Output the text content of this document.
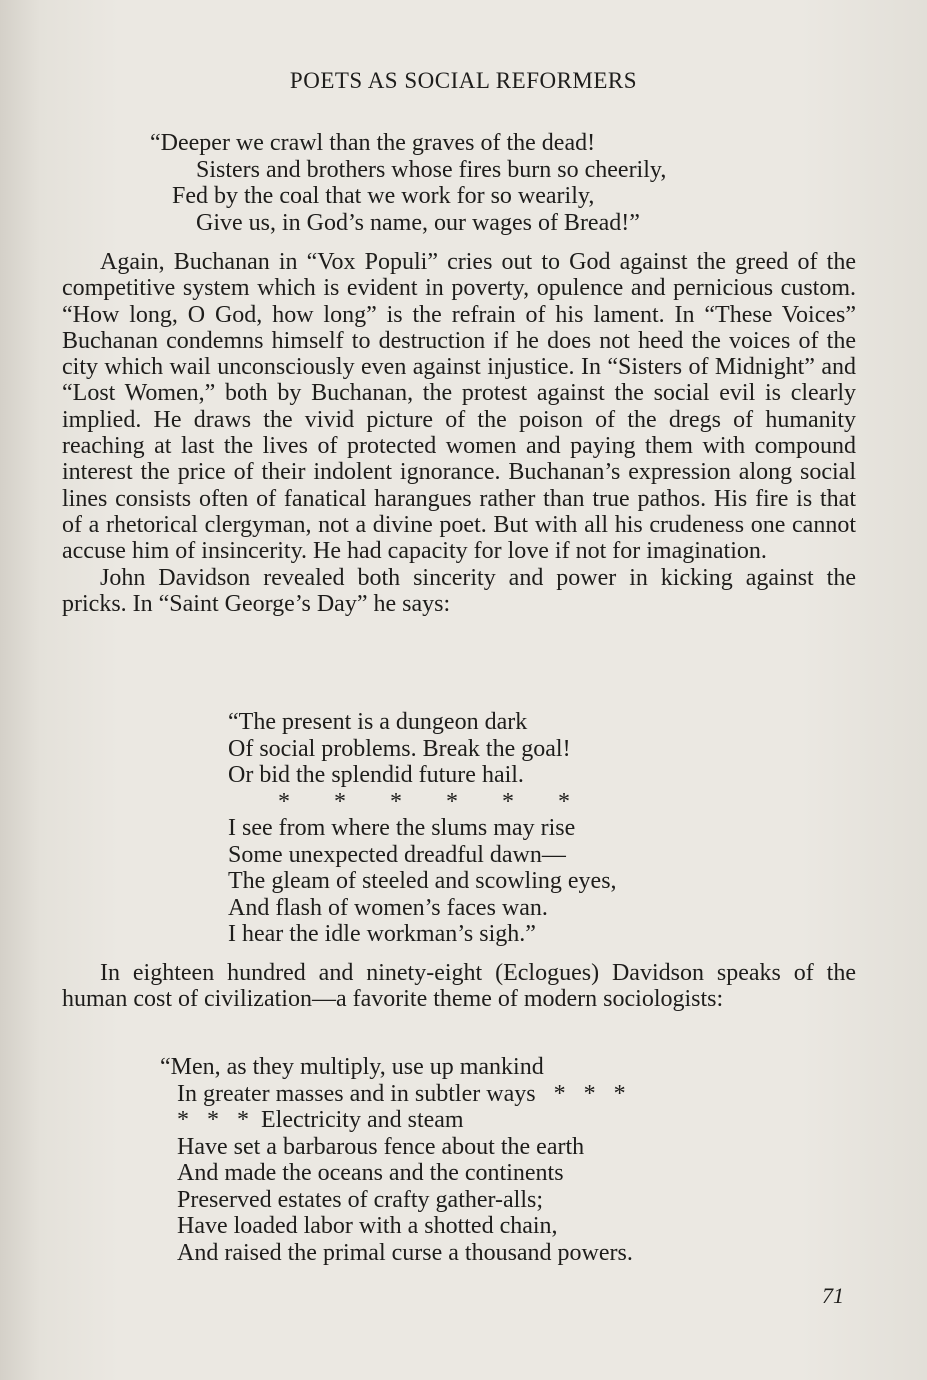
POETS AS SOCIAL REFORMERS
“Deeper we crawl than the graves of the dead!
Sisters and brothers whose fires burn so cheerily,
Fed by the coal that we work for so wearily,
Give us, in God’s name, our wages of Bread!”

Again, Buchanan in “Vox Populi” cries out to God against the greed of the competitive system which is evident in poverty, opulence and pernicious custom. “How long, O God, how long” is the refrain of his lament. In “These Voices” Buchanan condemns himself to destruction if he does not heed the voices of the city which wail unconsciously even against injustice. In “Sisters of Midnight” and “Lost Women,” both by Buchanan, the protest against the social evil is clearly implied. He draws the vivid picture of the poison of the dregs of humanity reaching at last the lives of protected women and paying them with compound interest the price of their indolent ignorance. Buchanan’s expression along social lines consists often of fanatical harangues rather than true pathos. His fire is that of a rhetorical clergyman, not a divine poet. But with all his crudeness one cannot accuse him of insincerity. He had capacity for love if not for imagination.

John Davidson revealed both sincerity and power in kicking against the pricks. In “Saint George’s Day” he says:

“The present is a dungeon dark
Of social problems. Break the goal!
Or bid the splendid future hail.
* * * * * *
I see from where the slums may rise
Some unexpected dreadful dawn—
The gleam of steeled and scowling eyes,
And flash of women’s faces wan.
I hear the idle workman’s sigh.”

In eighteen hundred and ninety-eight (Eclogues) Davidson speaks of the human cost of civilization—a favorite theme of modern sociologists:

“Men, as they multiply, use up mankind
In greater masses and in subtler ways * * *
* * * Electricity and steam
Have set a barbarous fence about the earth
And made the oceans and the continents
Preserved estates of crafty gather-alls;
Have loaded labor with a shotted chain,
And raised the primal curse a thousand powers.
71
